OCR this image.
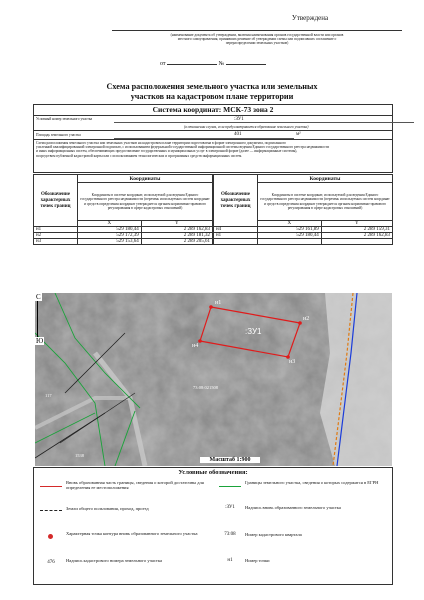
Утверждена
(наименование документа об утверждении, включая наименования органов государственной власти или органов
местного самоуправления, принявших решение об утверждении схемы или подписавших соглашение о
перераспределении земельных участков)
от	№
Схема расположения земельного участка или земельных
участков на кадастровом плане территории
Система координат: МСК-73 зона 2
Условный номер земельного участка	:ЗУ1
(в отношении случая, если предусматривается образование земельного участка)
Площадь земельного участка	401	м²
Схема расположения земельного участка или земельных участков на кадастровом плане территории подготовлена в форме электронного документа, подписанного
усиленной квалифицированной электронной подписью, с использованием федеральной государственной информационной системы ведения Единого государственного реестра недвижимости
и иных информационных систем, обеспечивающих предоставление государственных и муниципальных услуг в электронной форме (далее — информационные системы),
посредством публичной кадастровой карты или с использованием технологических и программных средств информационных систем.
Обозначение характерных точек границ	Координаты	
	Координаты в системе координат, используемой для ведения Единого государственного реестра недвижимости (перечень используемых систем координат и средств определения координат утверждается органом нормативно-правового регулирования в сфере кадастровых отношений)	
	X	Y
н1	529 180,44	2 289 162,83
н2	529 172,39	2 289 181,32
н3	529 153,64	2 289 205,61
Обозначение характерных точек границ	Координаты	
	Координаты в системе координат, используемой для ведения Единого государственного реестра недвижимости (перечень используемых систем координат и средств определения координат утверждается органом нормативно-правового регулирования в сфере кадастровых отношений)	
	X	Y
н4	529 161,89	2 289 159,31
н1	529 180,44	2 289 162,83

С
Ю
:ЗУ1
н1
н2
н3
н4
117
73:08:021508
1538
Масштаб 1:900
Условные обозначения:
Вновь образованная часть границы, сведения о которой достаточны для определения ее местоположения
Границы земельного участка, сведения о которых содержатся в ЕГРН
Земли общего пользования, проход, проезд	:ЗУ1	Надпись вновь образованного земельного участка
Характерная точка контура вновь образованного земельного участка	73:08	Номер кадастрового квартала
476	Надпись кадастрового номера земельного участка	н1	Номер точки
